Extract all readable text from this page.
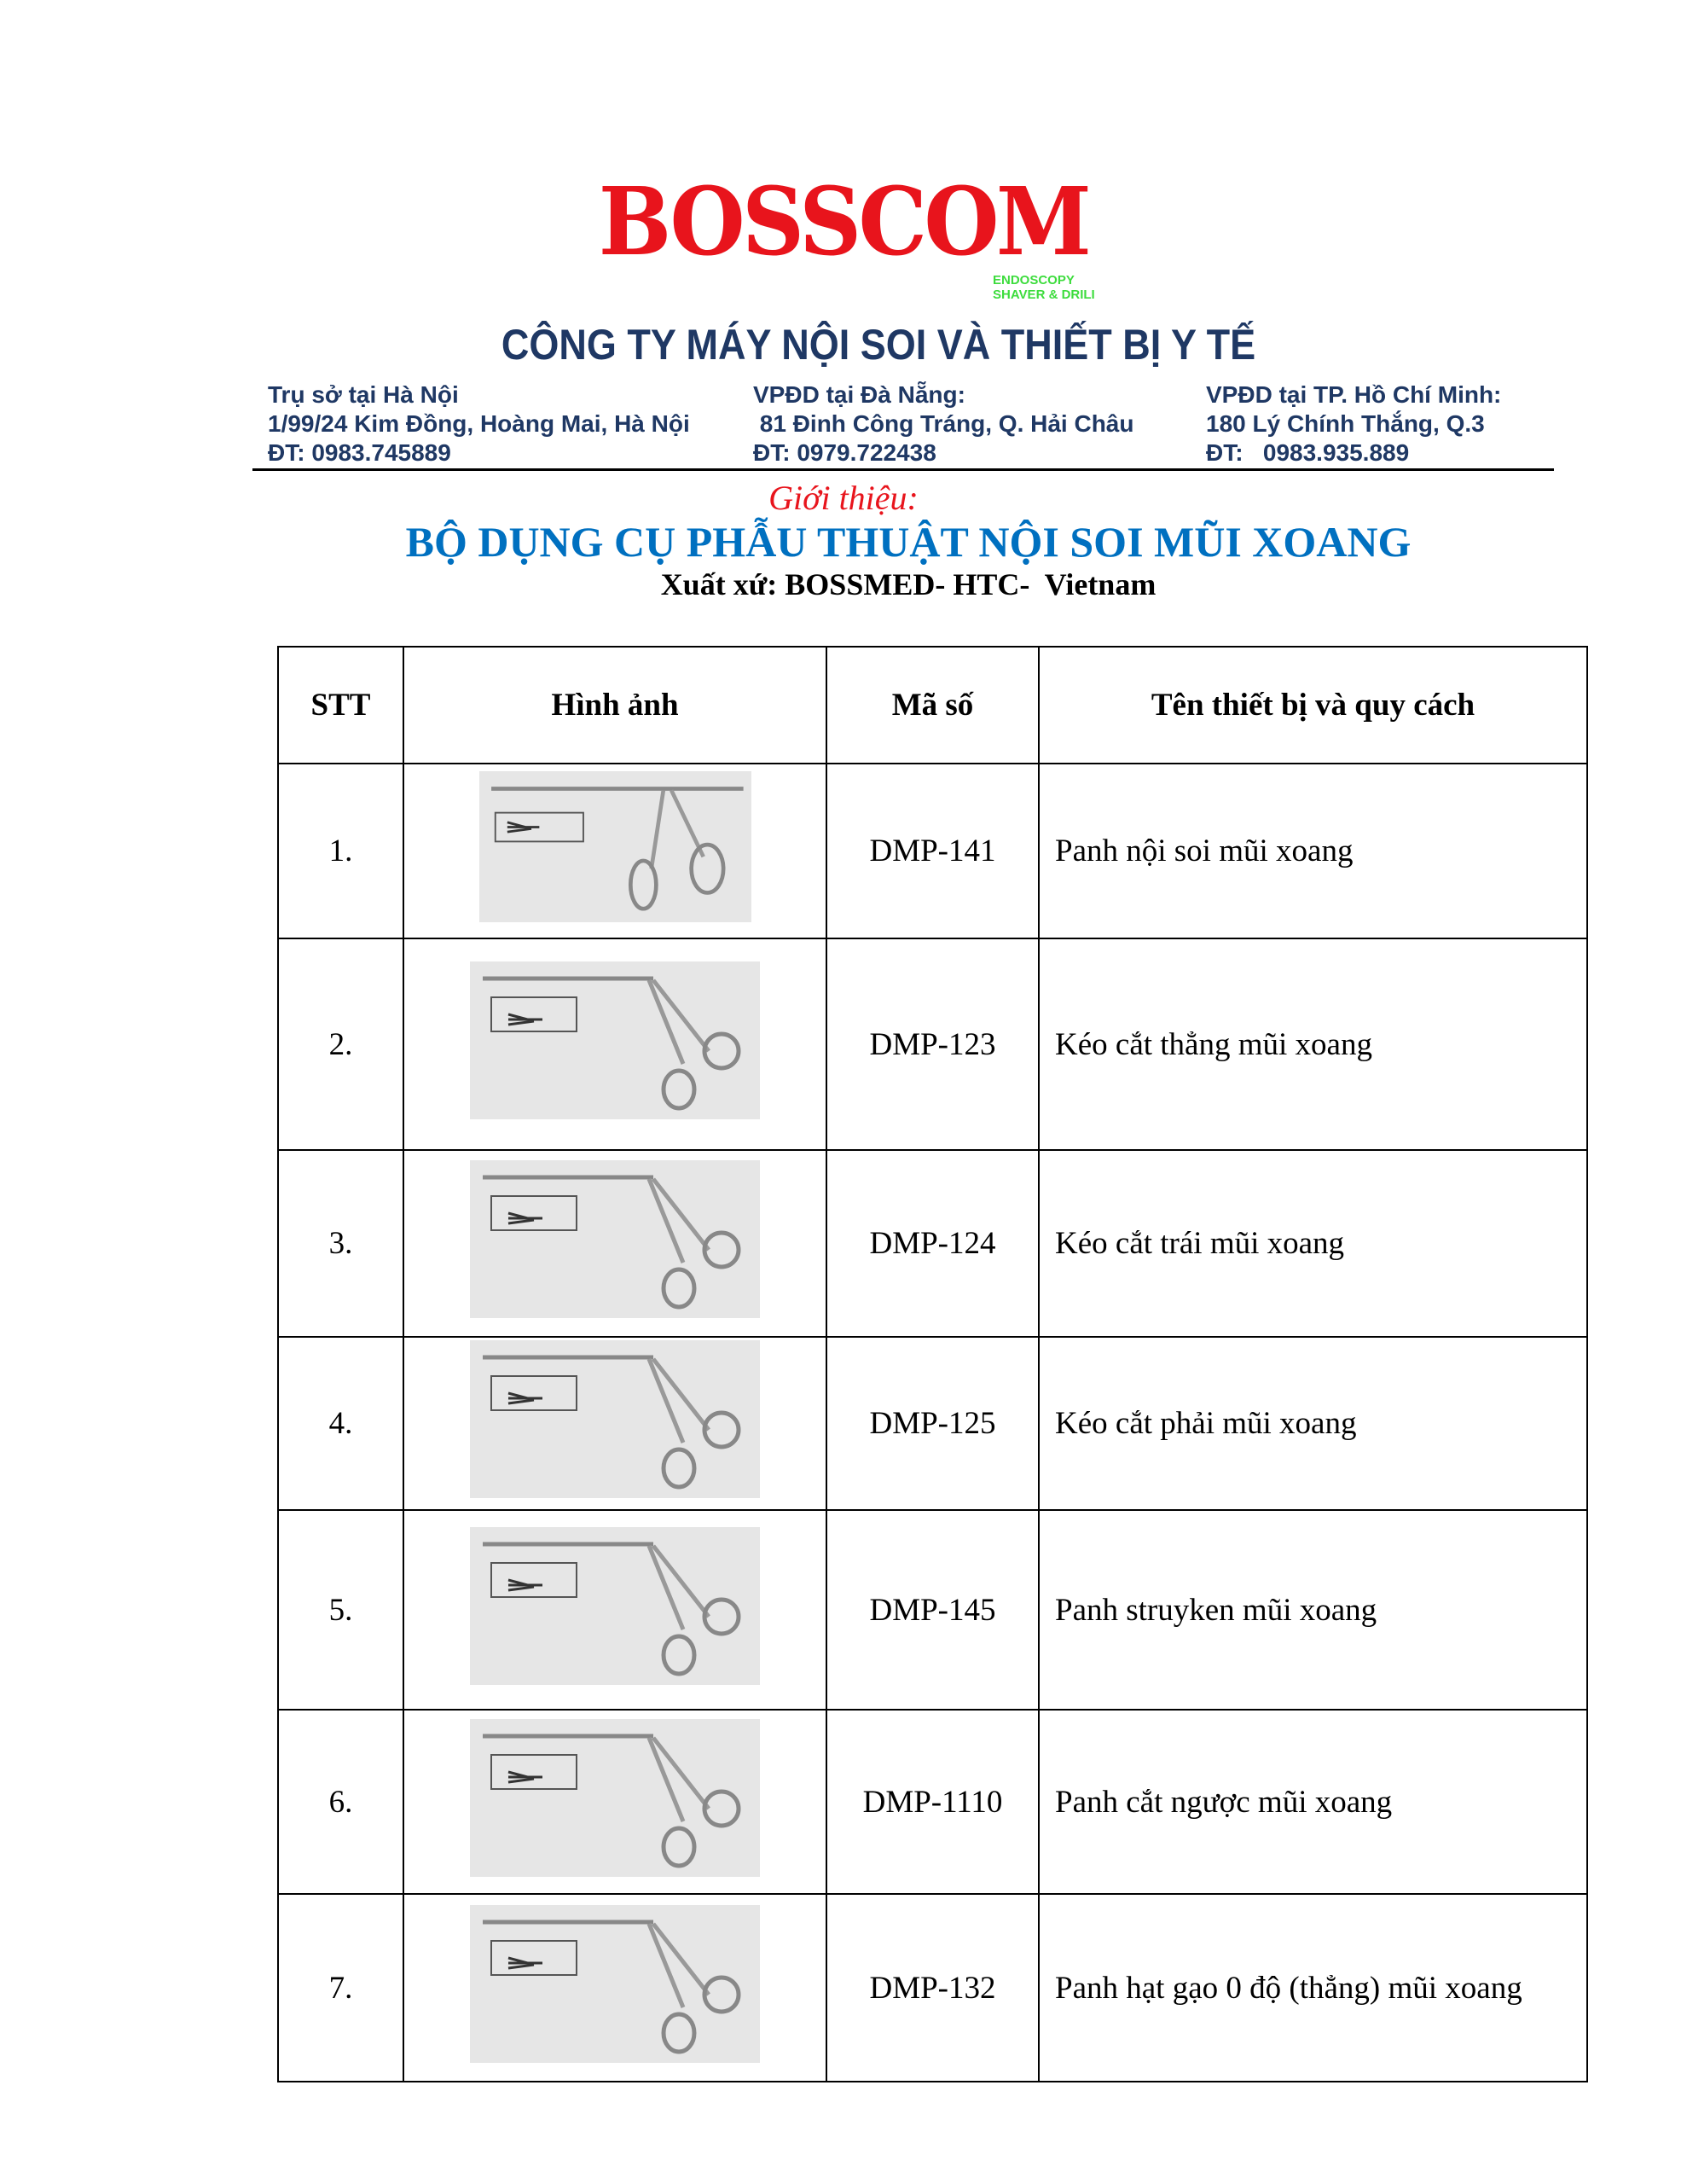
BOSSCOM
ENDOSCOPY
SHAVER & DRILI
CÔNG TY MÁY NỘI SOI VÀ THIẾT BỊ Y TẾ
Trụ sở tại Hà Nội
1/99/24 Kim Đồng, Hoàng Mai, Hà Nội
ĐT: 0983.745889
VPĐD tại Đà Nẵng:
81 Đinh Công Tráng, Q. Hải Châu
ĐT: 0979.722438
VPĐD tại TP. Hồ Chí Minh:
180 Lý Chính Thắng, Q.3
ĐT:   0983.935.889
Giới thiệu:
BỘ DỤNG CỤ PHẪU THUẬT NỘI SOI MŨI XOANG
Xuất xứ: BOSSMED- HTC-  Vietnam
STT	Hình ảnh	Mã số	Tên thiết bị và quy cách
1.		DMP-141	Panh nội soi mũi xoang
2.		DMP-123	Kéo cắt thẳng mũi xoang
3.		DMP-124	Kéo cắt trái mũi xoang
4.		DMP-125	Kéo cắt phải mũi xoang
5.		DMP-145	Panh struyken mũi xoang
6.		DMP-1110	Panh cắt ngược mũi xoang
7.		DMP-132	Panh hạt gạo 0 độ (thẳng) mũi xoang
